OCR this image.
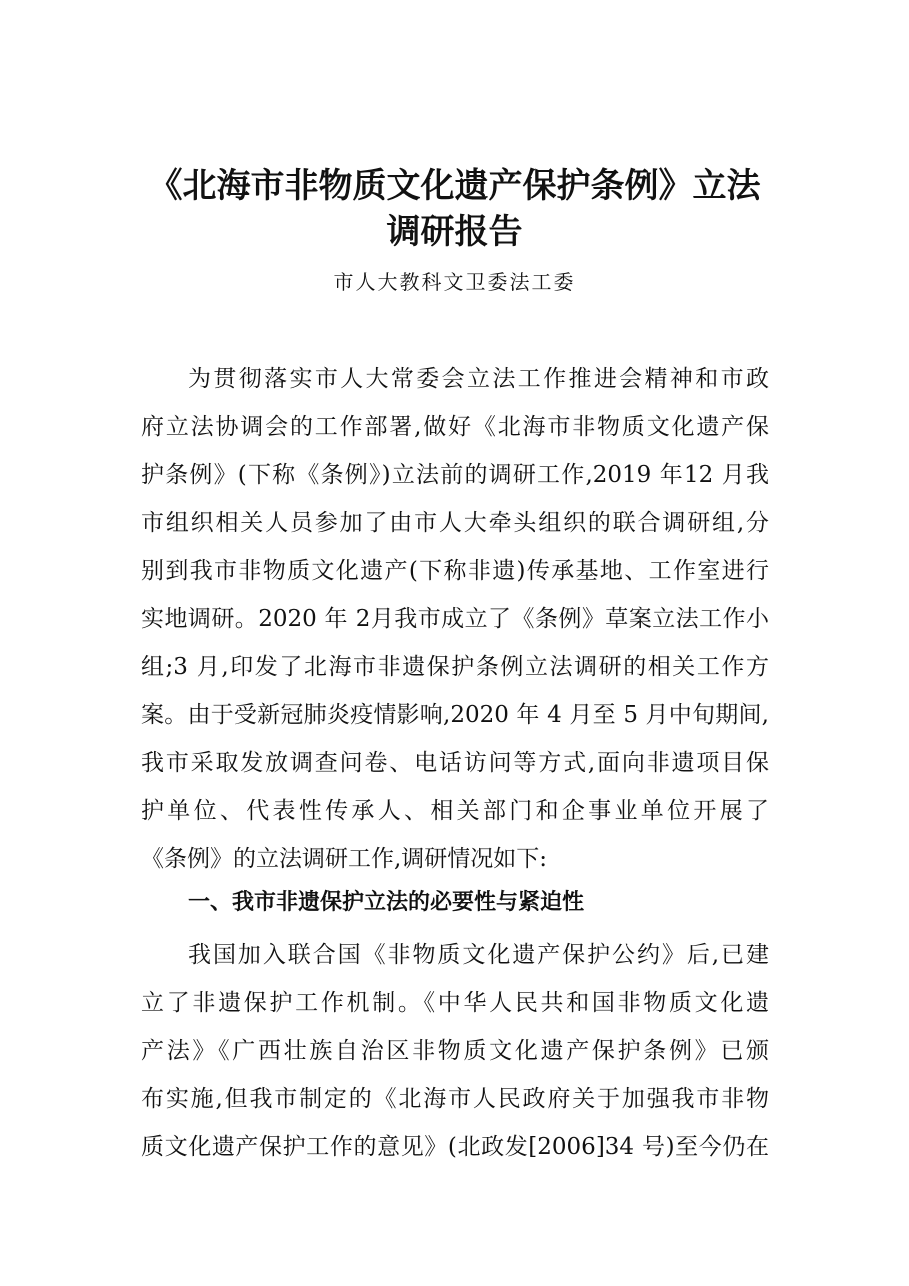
《北海市非物质文化遗产保护条例》立法
调研报告
市人大教科文卫委法工委
为贯彻落实市人大常委会立法工作推进会精神和市政
府立法协调会的工作部署,做好《北海市非物质文化遗产保
护条例》(下称《条例》)立法前的调研工作,2019 年12 月我
市组织相关人员参加了由市人大牵头组织的联合调研组,分
别到我市非物质文化遗产(下称非遗)传承基地、工作室进行
实地调研。2020 年 2月我市成立了《条例》草案立法工作小
组;3 月,印发了北海市非遗保护条例立法调研的相关工作方
案。由于受新冠肺炎疫情影响,2020 年 4 月至 5 月中旬期间,
我市采取发放调查问卷、电话访问等方式,面向非遗项目保
护单位、代表性传承人、相关部门和企事业单位开展了
《条例》的立法调研工作,调研情况如下:
一、我市非遗保护立法的必要性与紧迫性
我国加入联合国《非物质文化遗产保护公约》后,已建
立了非遗保护工作机制。《中华人民共和国非物质文化遗
产法》《广西壮族自治区非物质文化遗产保护条例》已颁
布实施,但我市制定的《北海市人民政府关于加强我市非物
质文化遗产保护工作的意见》(北政发[2006]34 号)至今仍在
